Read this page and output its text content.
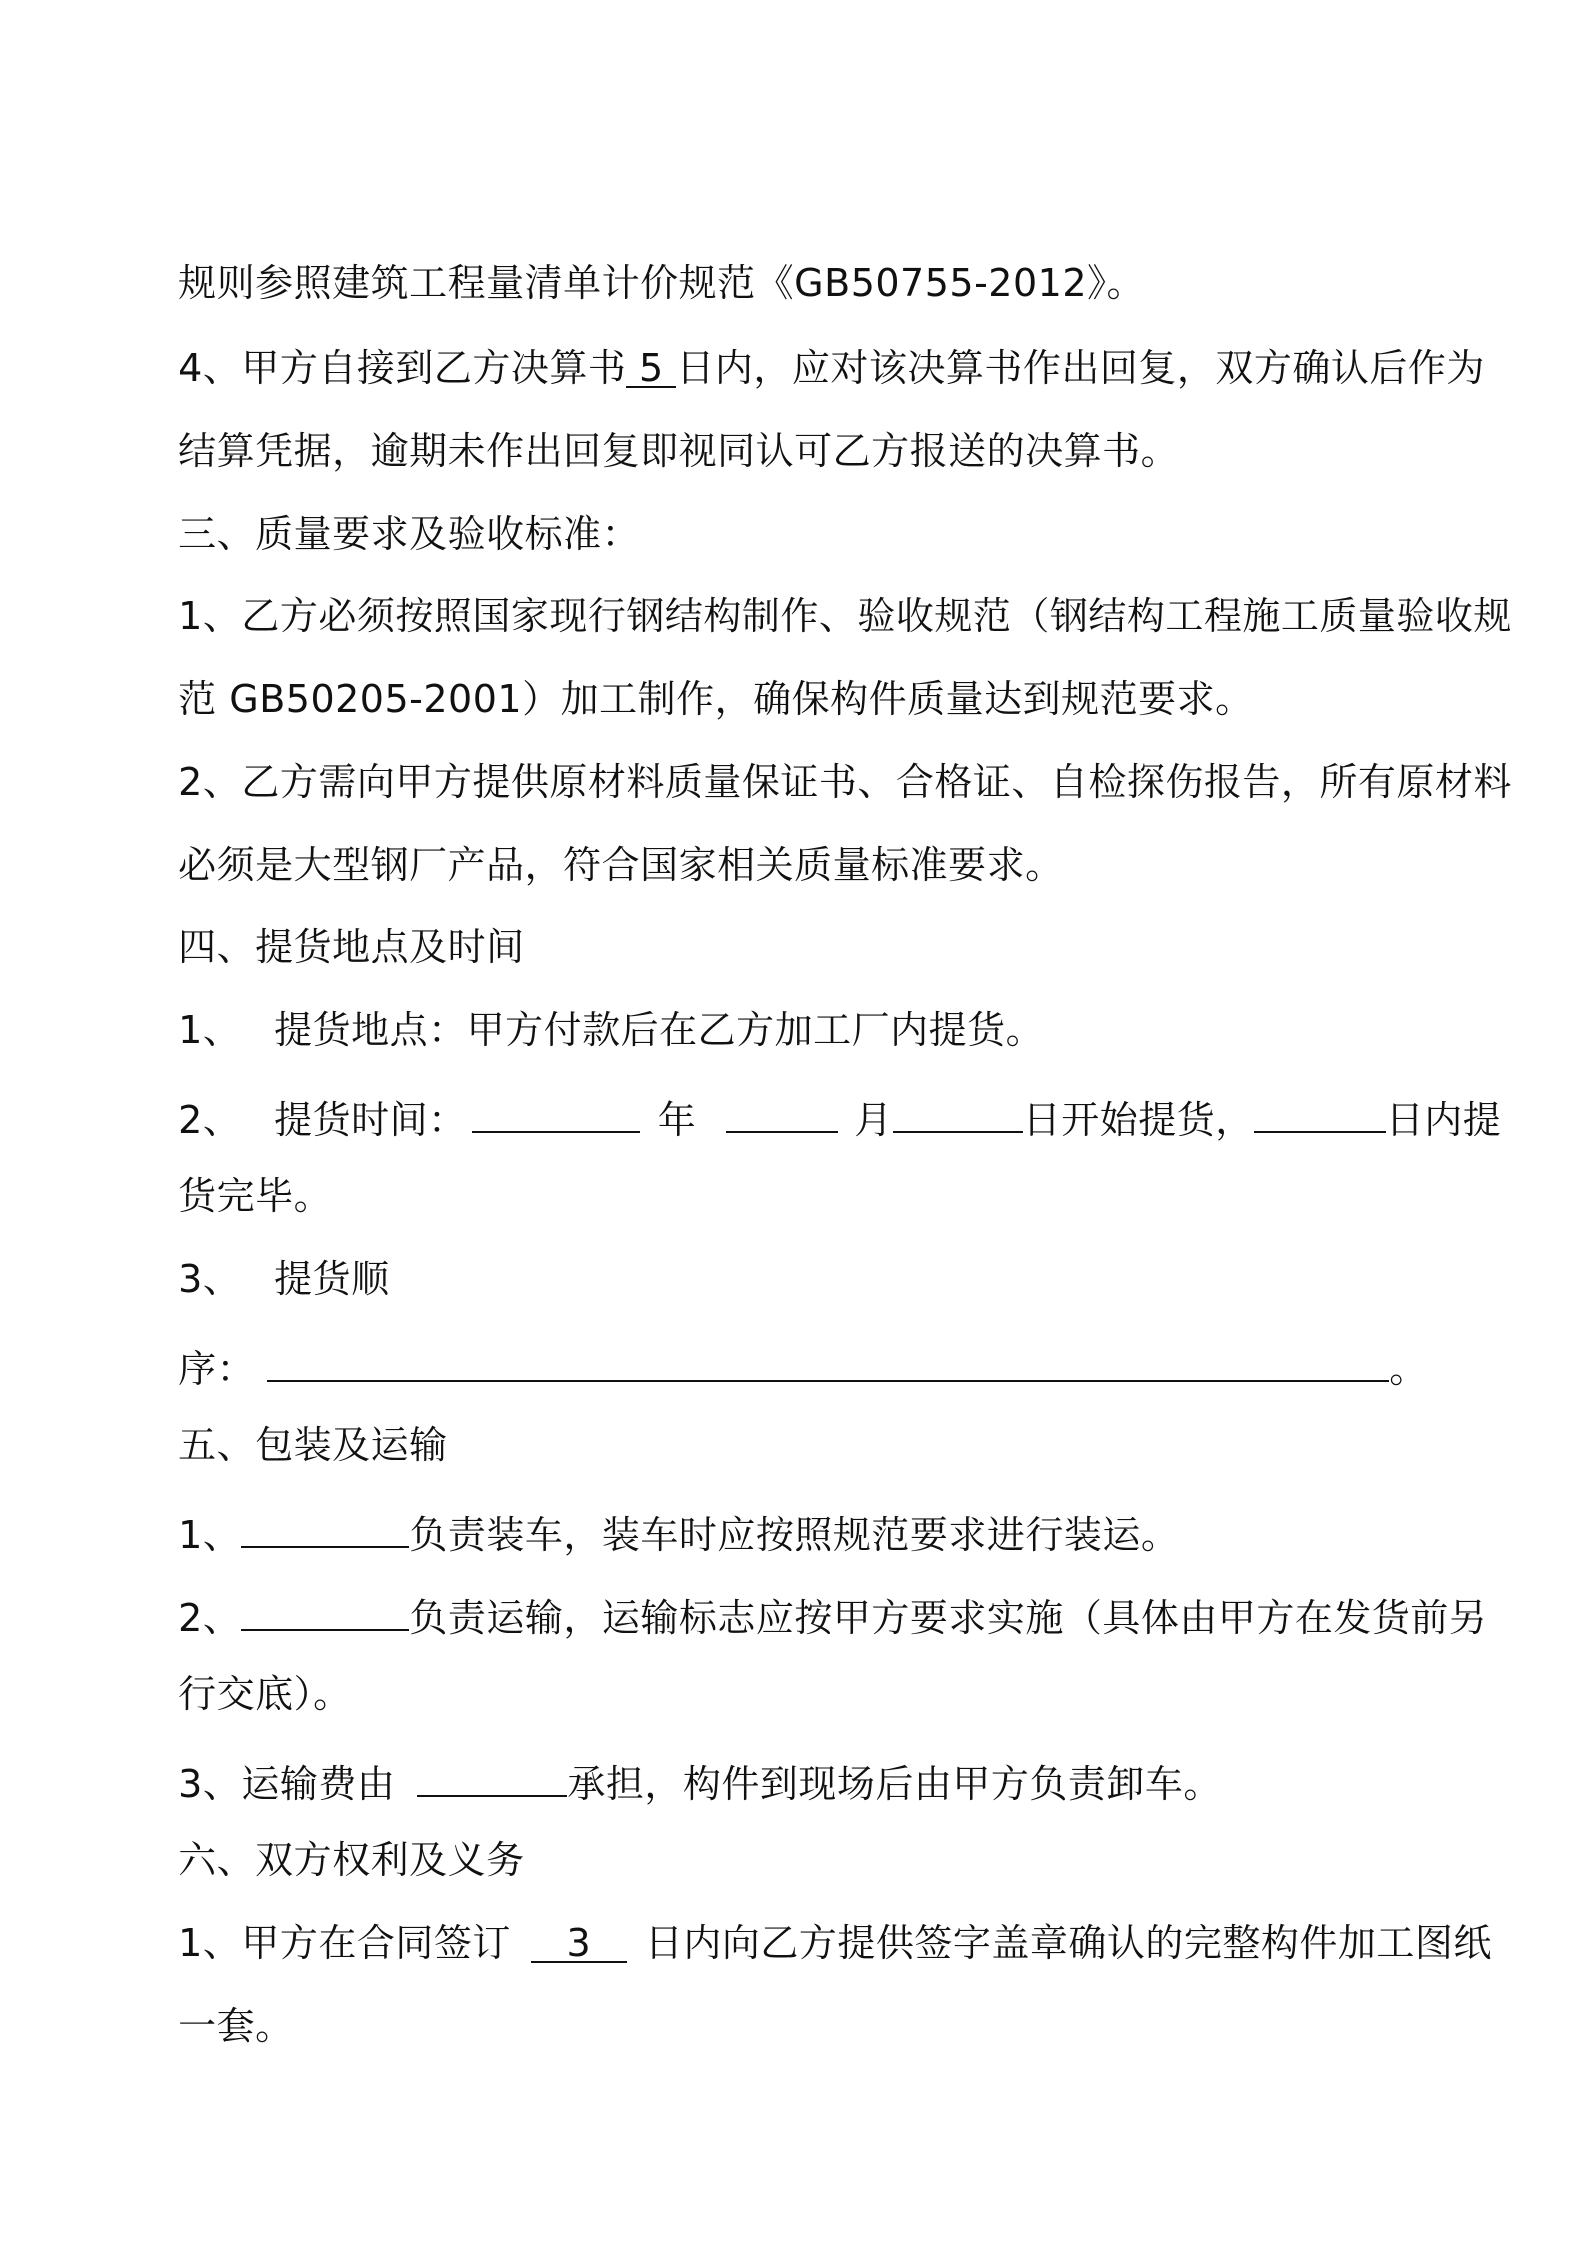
规则参照建筑工程量清单计价规范《GB50755-2012》。

4、甲方自接到乙方决算书 5 日内，应对该决算书作出回复，双方确认后作为

结算凭据，逾期未作出回复即视同认可乙方报送的决算书。

三、质量要求及验收标准：

1、乙方必须按照国家现行钢结构制作、验收规范（钢结构工程施工质量验收规

范 GB50205-2001）加工制作，确保构件质量达到规范要求。

2、乙方需向甲方提供原材料质量保证书、合格证、自检探伤报告，所有原材料

必须是大型钢厂产品，符合国家相关质量标准要求。

四、提货地点及时间

1、 提货地点：甲方付款后在乙方加工厂内提货。

2、 提货时间：	年	月	日开始提货，	日内提

货完毕。

3、 提货顺

序：	。

五、包装及运输

1、	负责装车，装车时应按照规范要求进行装运。

2、	负责运输，运输标志应按甲方要求实施（具体由甲方在发货前另

行交底）。

3、运输费由	承担，构件到现场后由甲方负责卸车。

六、双方权利及义务

1、甲方在合同签订 3 日内向乙方提供签字盖章确认的完整构件加工图纸

一套。
